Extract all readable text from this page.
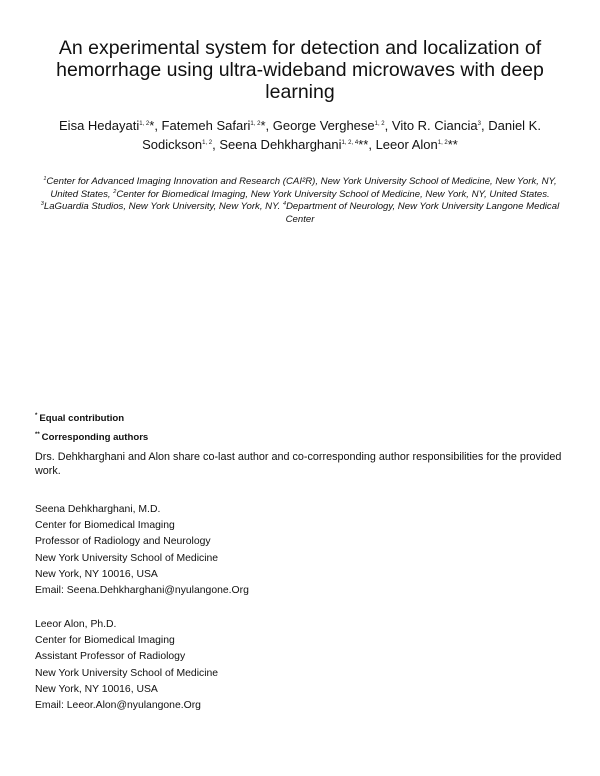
An experimental system for detection and localization of hemorrhage using ultra-wideband microwaves with deep learning
Eisa Hedayati$^{1, 2}$*, Fatemeh Safari$^{1, 2}$*, George Verghese$^{1, 2}$, Vito R. Ciancia$^3$, Daniel K. Sodickson$^{1, 2}$, Seena Dehkharghani$^{1, 2, 4}$**, Leeor Alon$^{1, 2}$**
$^1$Center for Advanced Imaging Innovation and Research (CAI²R), New York University School of Medicine, New York, NY, United States, $^2$Center for Biomedical Imaging, New York University School of Medicine, New York, NY, United States. $^3$LaGuardia Studios, New York University, New York, NY. $^4$Department of Neurology, New York University Langone Medical Center
* Equal contribution
** Corresponding authors
Drs. Dehkharghani and Alon share co-last author and co-corresponding author responsibilities for the provided work.
Seena Dehkharghani, M.D.
Center for Biomedical Imaging
Professor of Radiology and Neurology
New York University School of Medicine
New York, NY 10016, USA
Email: Seena.Dehkharghani@nyulangone.Org
Leeor Alon, Ph.D.
Center for Biomedical Imaging
Assistant Professor of Radiology
New York University School of Medicine
New York, NY 10016, USA
Email: Leeor.Alon@nyulangone.Org
